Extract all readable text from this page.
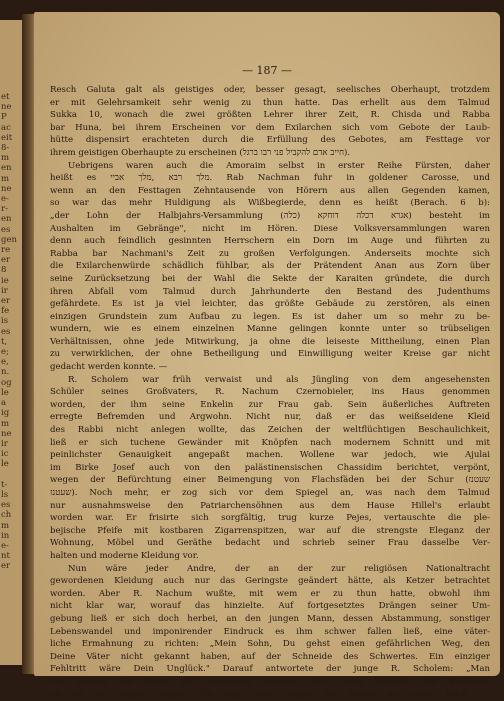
et
ne
P
ac
eit
8-
m
en
m
ne
e-
r-
en
es
gen
re
er
8
ie
ir
er
fe
is
es
t,
e;
e,
n.
og
le
a
ig
m
ne
ir
ic
le

t-
ls
es
ch
m
in
e-
nt
er
— 187 —
Resch Galuta galt als geistiges oder, besser gesagt, seelisches Oberhaupt, trotzdem
er mit Gelehrsamkeit sehr wenig zu thun hatte. Das erhellt aus dem Talmud
Sukka 10, wonach die zwei größten Lehrer ihrer Zeit, R. Chisda und Rabba
bar Huna, bei ihrem Erscheinen vor dem Exilarchen sich vom Gebote der Laub-
hütte dispensirt erachteten durch die Erfüllung des Gebotes, am Festtage vor
ihrem geistigen Oberhaupte zu erscheinen (חייב אדם להקביל פני רבו ברגל).
Uebrigens waren auch die Amoraim selbst in erster Reihe Fürsten, daher
heißt es מלך רבא ,מלך אביי. Rab Nachman fuhr in goldener Carosse, und
wenn an den Festtagen Zehntausende von Hörern aus allen Gegenden kamen,
so war das mehr Huldigung als Wißbegierde, denn es heißt (Berach. 6 b):
„der Lohn der Halbjahrs-Versammlung (כלה) אגרא דכלה דוחקא) besteht im
Aushalten im Gebränge", nicht im Hören. Diese Volksversammlungen waren
denn auch feindlich gesinnten Herrschern ein Dorn im Auge und führten zu
Rabba bar Nachmani's Zeit zu großen Verfolgungen. Anderseits mochte sich
die Exilarchenwürde schädlich fühlbar, als der Prätendent Anan aus Zorn über
seine Zurücksetzung bei der Wahl die Sekte der Karaiten gründete, die durch
ihren Abfall vom Talmud durch Jahrhunderte den Bestand des Judenthums
gefährdete. Es ist ja viel leichter, das größte Gebäude zu zerstören, als einen
einzigen Grundstein zum Aufbau zu legen. Es ist daher um so mehr zu be-
wundern, wie es einem einzelnen Manne gelingen konnte unter so trübseligen
Verhältnissen, ohne jede Mitwirkung, ja ohne die leiseste Mittheilung, einen Plan
zu verwirklichen, der ohne Betheiligung und Einwilligung weiter Kreise gar nicht
gedacht werden konnte. —
R. Scholem war früh verwaist und als Jüngling von dem angesehensten
Schüler seines Großvaters, R. Nachum Czernobieler, ins Haus genommen
worden, der ihm seine Enkelin zur Frau gab. Sein äußerliches Auftreten
erregte Befremden und Argwohn. Nicht nur, daß er das weißseidene Kleid
des Rabbi nicht anlegen wollte, das Zeichen der weltflüchtigen Beschaulichkeit,
ließ er sich tuchene Gewänder mit Knöpfen nach modernem Schnitt und mit
peinlichster Genauigkeit angepaßt machen. Wollene war jedoch, wie Ajulai
im Birke Josef auch von den palästinensischen Chassidim berichtet, verpönt,
wegen der Befürchtung einer Beimengung von Flachsfäden bei der Schur (שעטנז
שעטנז). Noch mehr, er zog sich vor dem Spiegel an, was nach dem Talmud
nur ausnahmsweise den Patriarchensöhnen aus dem Hause Hillel's erlaubt
worden war. Er frisirte sich sorgfältig, trug kurze Pejes, vertauschte die ple-
bejische Pfeife mit kostbaren Zigarrenspitzen, war auf die strengste Eleganz der
Wohnung, Möbel und Geräthe bedacht und schrieb seiner Frau dasselbe Ver-
halten und moderne Kleidung vor.
Nun wäre jeder Andre, der an der zur religiösen Nationaltracht
gewordenen Kleidung auch nur das Geringste geändert hätte, als Ketzer betrachtet
worden. Aber R. Nachum wußte, mit wem er zu thun hatte, obwohl ihm
nicht klar war, worauf das hinzielte. Auf fortgesetztes Drängen seiner Um-
gebung ließ er sich doch herbei, an den jungen Mann, dessen Abstammung, sonstiger
Lebenswandel und imponirender Eindruck es ihm schwer fallen ließ, eine väter-
liche Ermahnung zu richten: „Mein Sohn, Du gehst einen gefährlichen Weg, den
Deine Väter nicht gekannt haben, auf der Schneide des Schwertes. Ein einziger
Fehltritt wäre Dein Unglück." Darauf antwortete der junge R. Scholem: „Man
hat einmal ein Huhn auf Enteneier gesetzt. Die Enten folgten den Küchlein,
als ob es Hühner wären. Da kam eines Tages die Henne an einen Teich, in
